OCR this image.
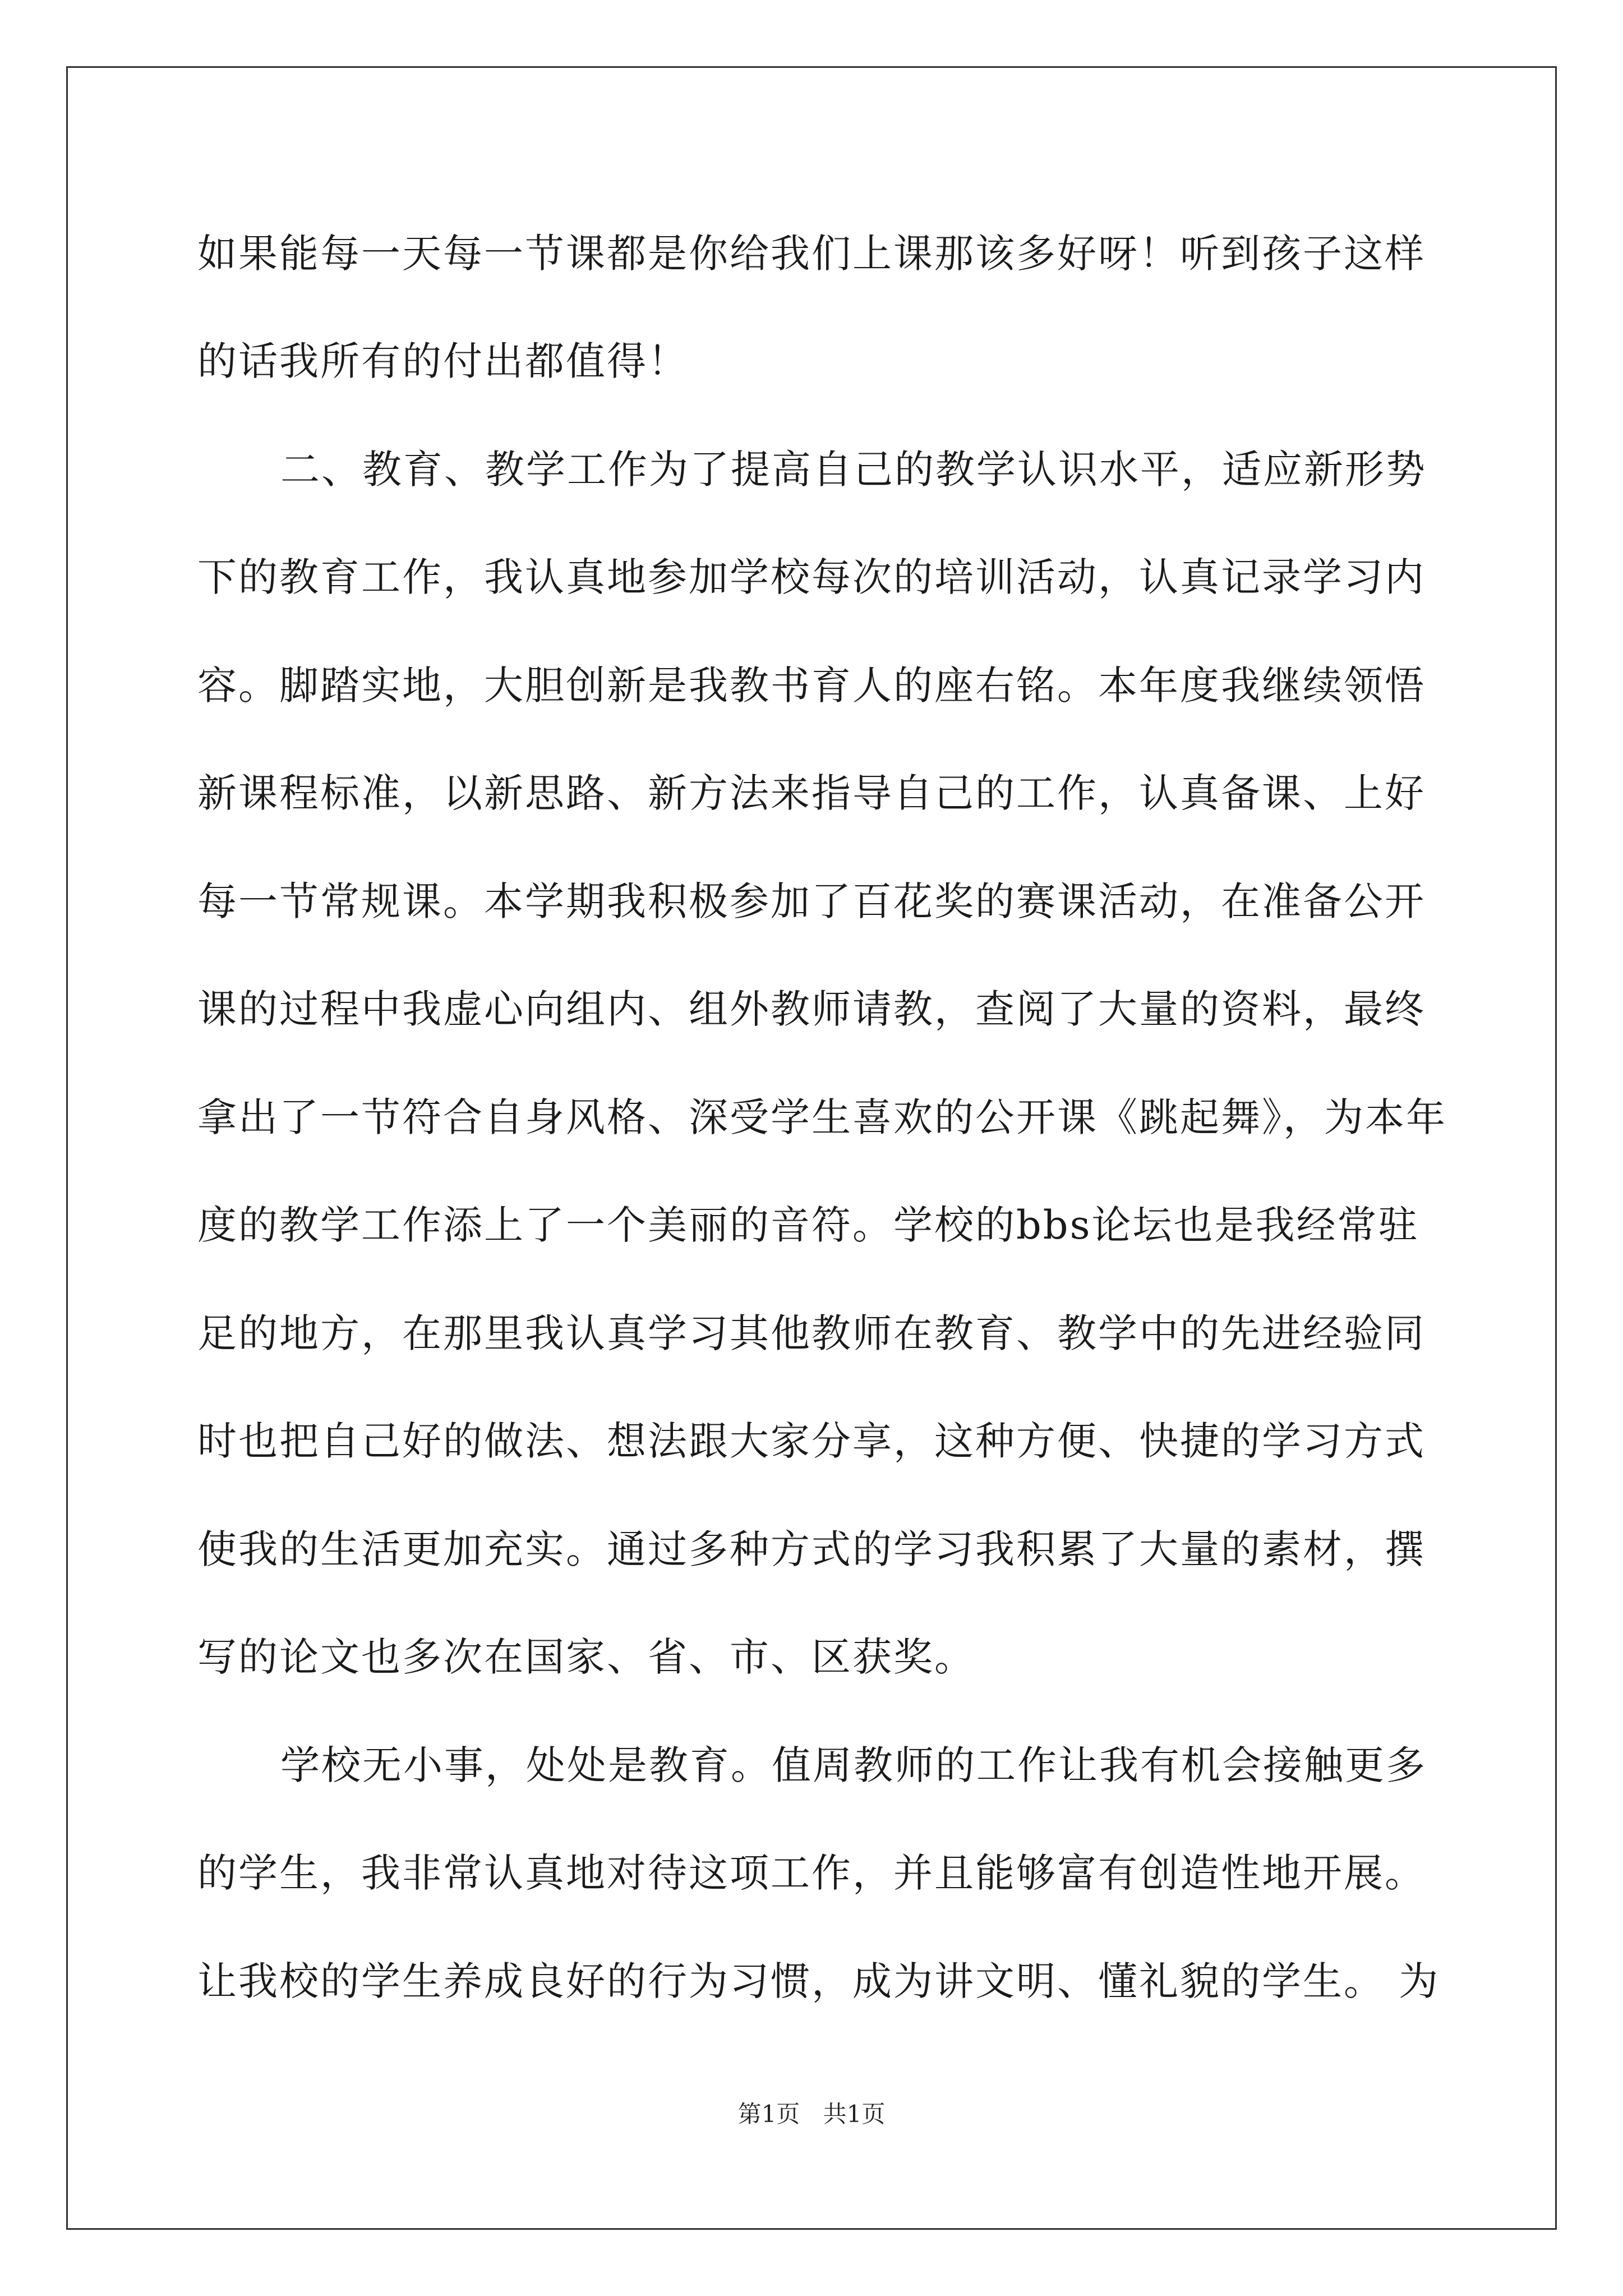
如果能每一天每一节课都是你给我们上课那该多好呀！听到孩子这样
的话我所有的付出都值得！
二、教育、教学工作为了提高自己的教学认识水平，适应新形势
下的教育工作，我认真地参加学校每次的培训活动，认真记录学习内
容。脚踏实地，大胆创新是我教书育人的座右铭。本年度我继续领悟
新课程标准，以新思路、新方法来指导自己的工作，认真备课、上好
每一节常规课。本学期我积极参加了百花奖的赛课活动，在准备公开
课的过程中我虚心向组内、组外教师请教，查阅了大量的资料，最终
拿出了一节符合自身风格、深受学生喜欢的公开课《跳起舞》，为本年
度的教学工作添上了一个美丽的音符。学校的bbs论坛也是我经常驻
足的地方，在那里我认真学习其他教师在教育、教学中的先进经验同
时也把自己好的做法、想法跟大家分享，这种方便、快捷的学习方式
使我的生活更加充实。通过多种方式的学习我积累了大量的素材，撰
写的论文也多次在国家、省、市、区获奖。
学校无小事，处处是教育。值周教师的工作让我有机会接触更多
的学生，我非常认真地对待这项工作，并且能够富有创造性地开展。
让我校的学生养成良好的行为习惯，成为讲文明、懂礼貌的学生。 为
第1页 共1页
